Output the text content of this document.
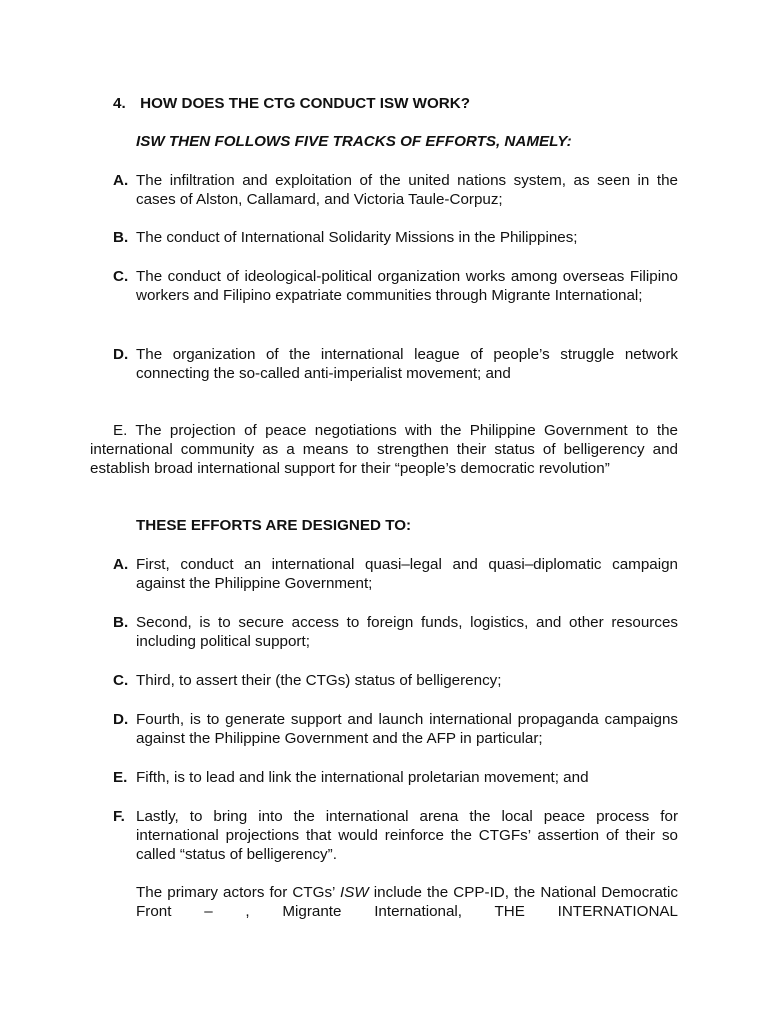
4. HOW DOES THE CTG CONDUCT ISW WORK?
ISW THEN FOLLOWS FIVE TRACKS OF EFFORTS, NAMELY:
A. The infiltration and exploitation of the united nations system, as seen in the cases of Alston, Callamard, and Victoria Taule-Corpuz;
B. The conduct of International Solidarity Missions in the Philippines;
C. The conduct of ideological-political organization works among overseas Filipino workers and Filipino expatriate communities through Migrante International;
D. The organization of the international league of people’s struggle network connecting the so-called anti-imperialist movement; and
E. The projection of peace negotiations with the Philippine Government to the international community as a means to strengthen their status of belligerency and establish broad international support for their “people’s democratic revolution”
THESE EFFORTS ARE DESIGNED TO:
A. First, conduct an international quasi–legal and quasi–diplomatic campaign against the Philippine Government;
B. Second, is to secure access to foreign funds, logistics, and other resources including political support;
C. Third, to assert their (the CTGs) status of belligerency;
D. Fourth, is to generate support and launch international propaganda campaigns against the Philippine Government and the AFP in particular;
E. Fifth, is to lead and link the international proletarian movement; and
F. Lastly, to bring into the international arena the local peace process for international projections that would reinforce the CTGFs’ assertion of their so called “status of belligerency”.
The primary actors for CTGs’ ISW include the CPP-ID, the National Democratic Front – , Migrante International, THE INTERNATIONAL
